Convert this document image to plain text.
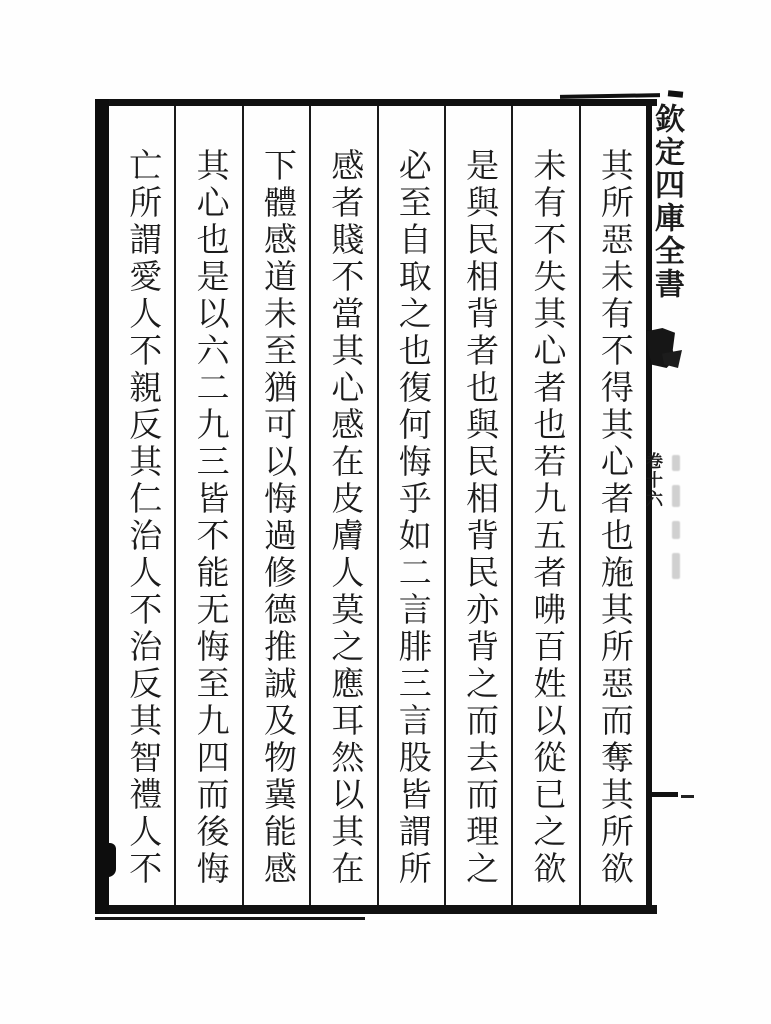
其所惡未有不得其心者也施其所惡而奪其所欲
未有不失其心者也若九五者咈百姓以從已之欲
是與民相背者也與民相背民亦背之而去而理之
必至自取之也復何悔乎如二言腓三言股皆謂所
感者賤不當其心感在皮膚人莫之應耳然以其在
下體感道未至猶可以悔過修德推誠及物冀能感
其心也是以六二九三皆不能无悔至九四而後悔
亡所謂愛人不親反其仁治人不治反其智禮人不	欽定四庫全書
卷十六
